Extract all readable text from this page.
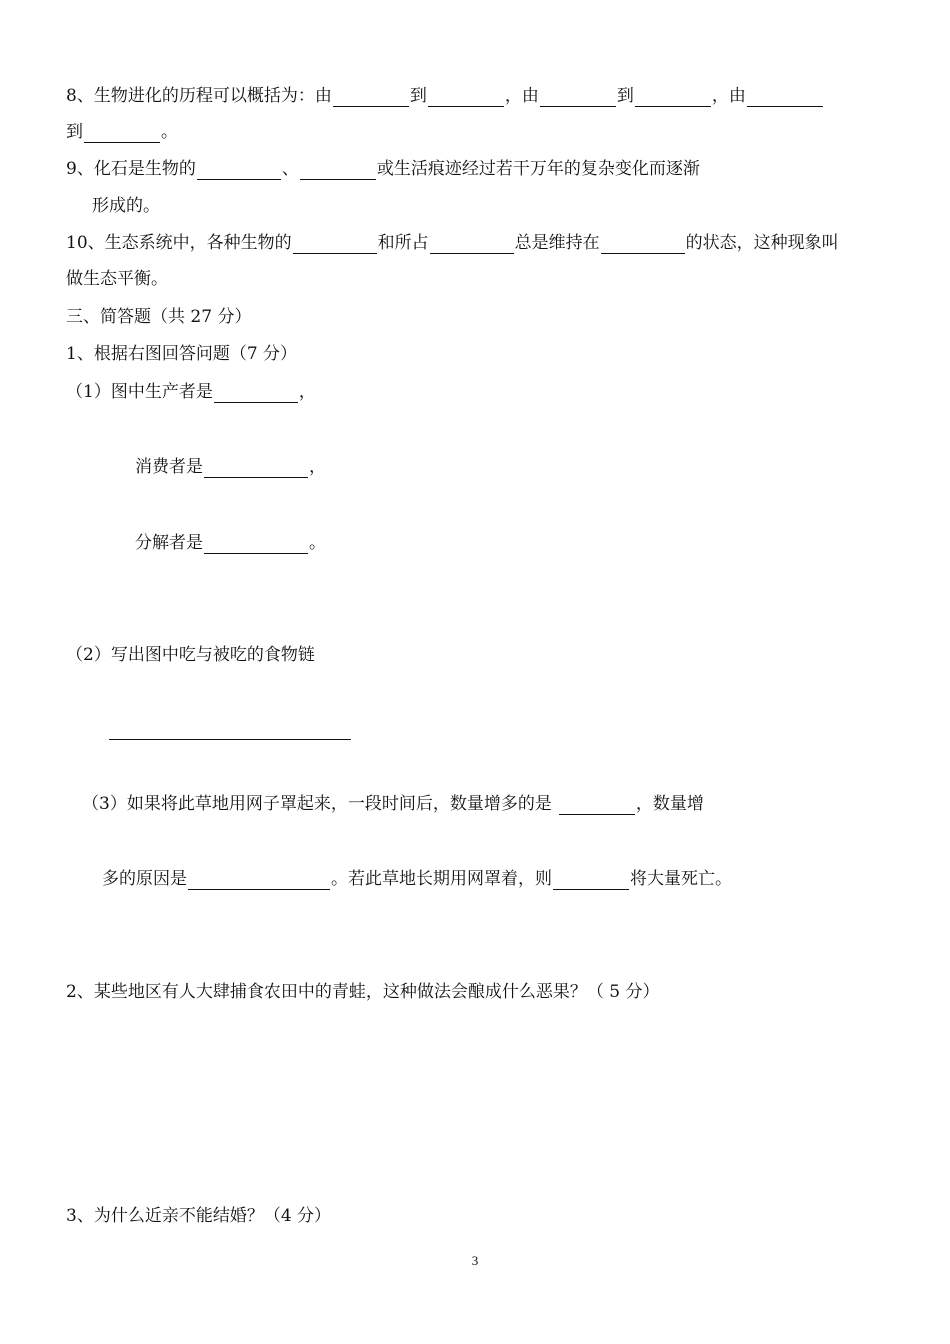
8、生物进化的历程可以概括为：由	到	，由	到	，由
到	。
9、化石是生物的	、	或生活痕迹经过若干万年的复杂变化而逐渐
形成的。
10、生态系统中，各种生物的	和所占	总是维持在	的状态，这种现象叫
做生态平衡。
三、简答题（共 27 分）
1、根据右图回答问题（7 分）
（1）图中生产者是	，
消费者是	，
分解者是	。
（2）写出图中吃与被吃的食物链
（3）如果将此草地用网子罩起来，一段时间后，数量增多的是	，数量增
多的原因是	。若此草地长期用网罩着，则	将大量死亡。
2、某些地区有人大肆捕食农田中的青蛙，这种做法会酿成什么恶果？（ 5 分）
3、为什么近亲不能结婚？（4 分）
3
